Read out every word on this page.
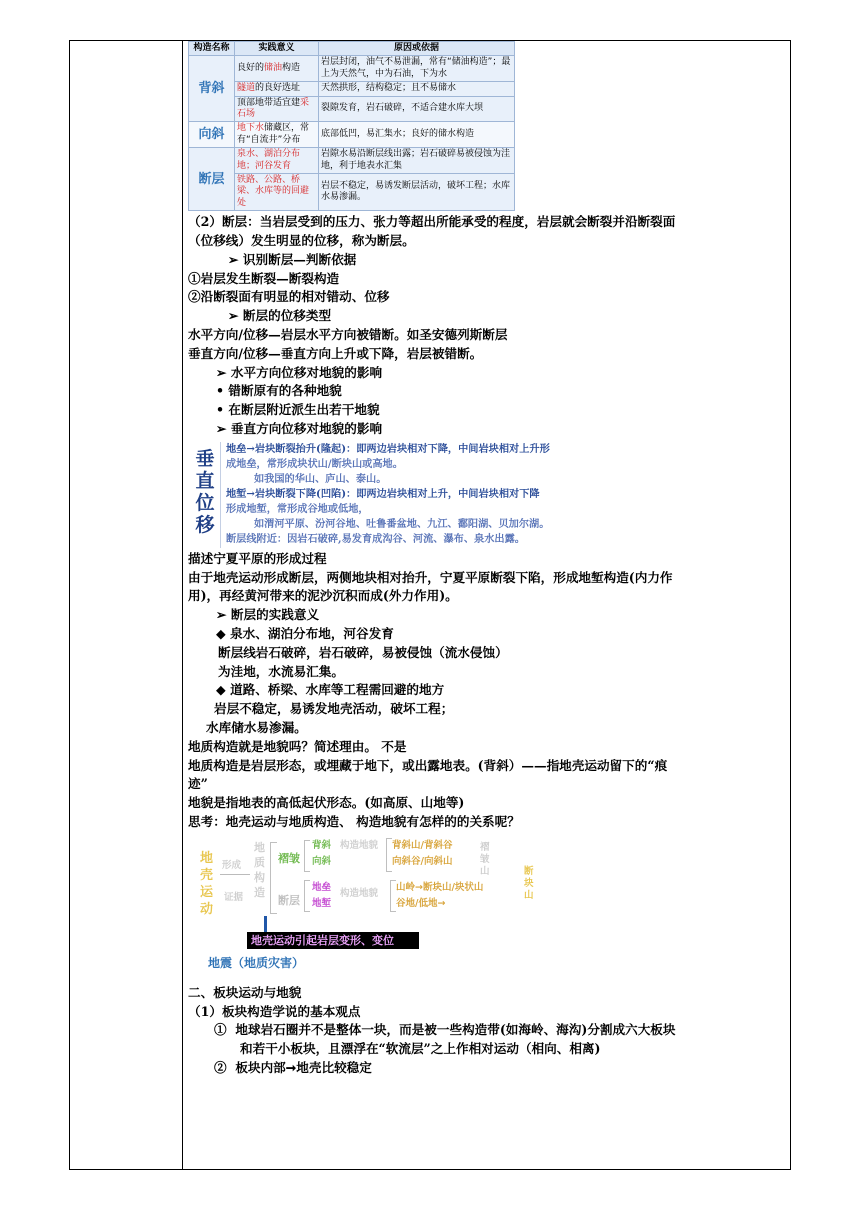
构造名称	实践意义	原因或依据
背斜	良好的储油构造	岩层封闭，油气不易泄漏，常有“储油构造”；最上为天然气，中为石油，下为水
	隧道的良好选址	天然拱形，结构稳定；且不易储水
	顶部地带适宜建采石场	裂隙发育，岩石破碎，不适合建水库大坝
向斜	地下水储藏区，常有“自流井”分布	底部低凹，易汇集水；良好的储水构造
断层	泉水、湖泊分布地；河谷发育	岩隙水易沿断层线出露；岩石破碎易被侵蚀为洼地，利于地表水汇集
	铁路、公路、桥梁、水库等的回避处	岩层不稳定，易诱发断层活动，破坏工程；水库水易渗漏。
（2）断层：当岩层受到的压力、张力等超出所能承受的程度，岩层就会断裂并沿断裂面
（位移线）发生明显的位移，称为断层。
➢ 识别断层—判断依据
①岩层发生断裂—断裂构造
②沿断裂面有明显的相对错动、位移
➢ 断层的位移类型
水平方向/位移—岩层水平方向被错断。如圣安德列斯断层
垂直方向/位移—垂直方向上升或下降，岩层被错断。
➢ 水平方向位移对地貌的影响
• 错断原有的各种地貌
• 在断层附近派生出若干地貌
➢ 垂直方向位移对地貌的影响
垂直位移
地垒→岩块断裂抬升(隆起)：即两边岩块相对下降，中间岩块相对上升形
成地垒，常形成块状山/断块山或高地。
如我国的华山、庐山、泰山。
地堑→岩块断裂下降(凹陷)：即两边岩块相对上升，中间岩块相对下降
形成地堑，常形成谷地或低地，
如渭河平原、汾河谷地、吐鲁番盆地、九江、鄱阳湖、贝加尔湖。
断层线附近：因岩石破碎,易发育成沟谷、河流、瀑布、泉水出露。
描述宁夏平原的形成过程
由于地壳运动形成断层，两侧地块相对抬升，宁夏平原断裂下陷，形成地堑构造(内力作
用)，再经黄河带来的泥沙沉积而成(外力作用)。
➢ 断层的实践意义
◆ 泉水、湖泊分布地，河谷发育
断层线岩石破碎，岩石破碎，易被侵蚀（流水侵蚀）
为洼地，水流易汇集。
◆ 道路、桥梁、水库等工程需回避的地方
岩层不稳定，易诱发地壳活动，破坏工程；
水库储水易渗漏。
地质构造就是地貌吗？简述理由。 不是
地质构造是岩层形态，或埋藏于地下，或出露地表。(背斜）——指地壳运动留下的“痕
迹”
地貌是指地表的高低起伏形态。(如高原、山地等)
思考：地壳运动与地质构造、 构造地貌有怎样的的关系呢？
地壳运动
形成
证据
地质构造
褶皱
断层
背斜
向斜
构造地貌 背斜山/背斜谷
向斜谷/向斜山
褶皱山
地垒
地堑
构造地貌
山岭→断块山/块状山
谷地/低地→
断块山
地壳运动引起岩层变形、变位
地震（地质灾害）
二、板块运动与地貌
（1）板块构造学说的基本观点
① 地球岩石圈并不是整体一块，而是被一些构造带(如海岭、海沟)分割成六大板块
和若干小板块，且漂浮在“软流层”之上作相对运动（相向、相离)
② 板块内部➞地壳比较稳定
